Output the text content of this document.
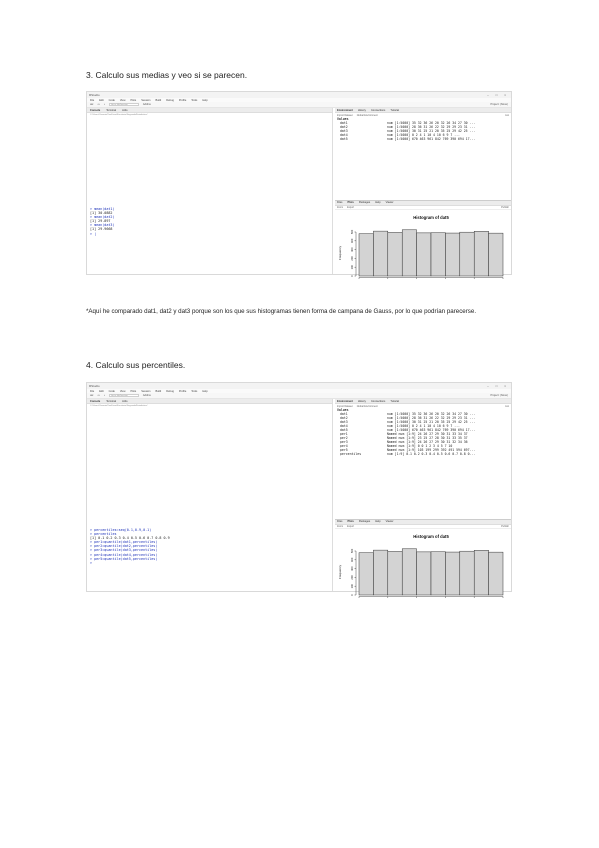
3. Calculo sus medias y veo si se parecen.
RStudio	– □ ×
File Edit Code View Plots Session Build Debug Profile Tools Help
⊕▾ ▭ ▪	Go to file/function	Addins	Project: (None)
Console Terminal Jobs
C:/Users/Usuario/OneDrive/Escritorio/Segundo/Estadistica/
> mean(dat1)
[1] 30.0882
> mean(dat2)
[1] 29.897
> mean(dat3)
[1] 29.9668
> |
Environment History Connections Tutorial
Import Dataset Global Environment	List
Values
dat1	num [1:5000] 35 32 36 26 20 32 26 34 27 30 ...
dat2	num [1:5000] 28 36 31 26 22 32 29 29 23 31 ...
dat3	num [1:5000] 30 31 25 21 20 35 25 29 42 25 ...
dat4	num [1:5000] 0 2 4 1 10 4 10 6 9 7 ...
dat5	num [1:5000] 670 463 961 842 769 390 694 17...
Files Plots Packages Help Viewer
Zoom Export	Publish
Histogram of dat5
Frequency
0
100
200
300
400
500
*Aquí he comparado dat1, dat2 y dat3 porque son los que sus histogramas tienen forma de campana de Gauss, por lo que podrían parecerse.
4. Calculo sus percentiles.
RStudio	– □ ×
File Edit Code View Plots Session Build Debug Profile Tools Help
⊕▾ ▭ ▪	Go to file/function	Addins	Project: (None)
Console Terminal Jobs
C:/Users/Usuario/OneDrive/Escritorio/Segundo/Estadistica/
> percentiles=seq(0.1,0.9,0.1)
> percentiles
[1] 0.1 0.2 0.3 0.4 0.5 0.6 0.7 0.8 0.9
> per1=quantile(dat1,percentiles)
> per2=quantile(dat2,percentiles)
> per3=quantile(dat3,percentiles)
> per4=quantile(dat4,percentiles)
> per5=quantile(dat5,percentiles)
>
Environment History Connections Tutorial
Import Dataset Global Environment	List
Values
dat1	num [1:5000] 35 32 36 26 20 32 26 34 27 30 ...
dat2	num [1:5000] 28 36 31 26 22 32 29 29 23 31 ...
dat3	num [1:5000] 30 31 25 21 20 35 25 29 42 25 ...
dat4	num [1:5000] 0 2 4 1 10 4 10 6 9 7 ...
dat5	num [1:5000] 670 463 961 842 769 390 694 17...
per1	Named num [1:9] 24 26 27 29 30 31 33 34 37
per2	Named num [1:9] 23 25 27 28 30 31 33 35 37
per3	Named num [1:9] 24 26 27 29 30 31 32 34 36
per4	Named num [1:9] 0 0 1 2 3 4 5 7 10
per5	Named num [1:9] 103 199 299 392 491 594 697...
percentiles	num [1:9] 0.1 0.2 0.3 0.4 0.5 0.6 0.7 0.8 0...
Files Plots Packages Help Viewer
Zoom Export	Publish
Histogram of dat5
Frequency
0
100
200
300
400
500
